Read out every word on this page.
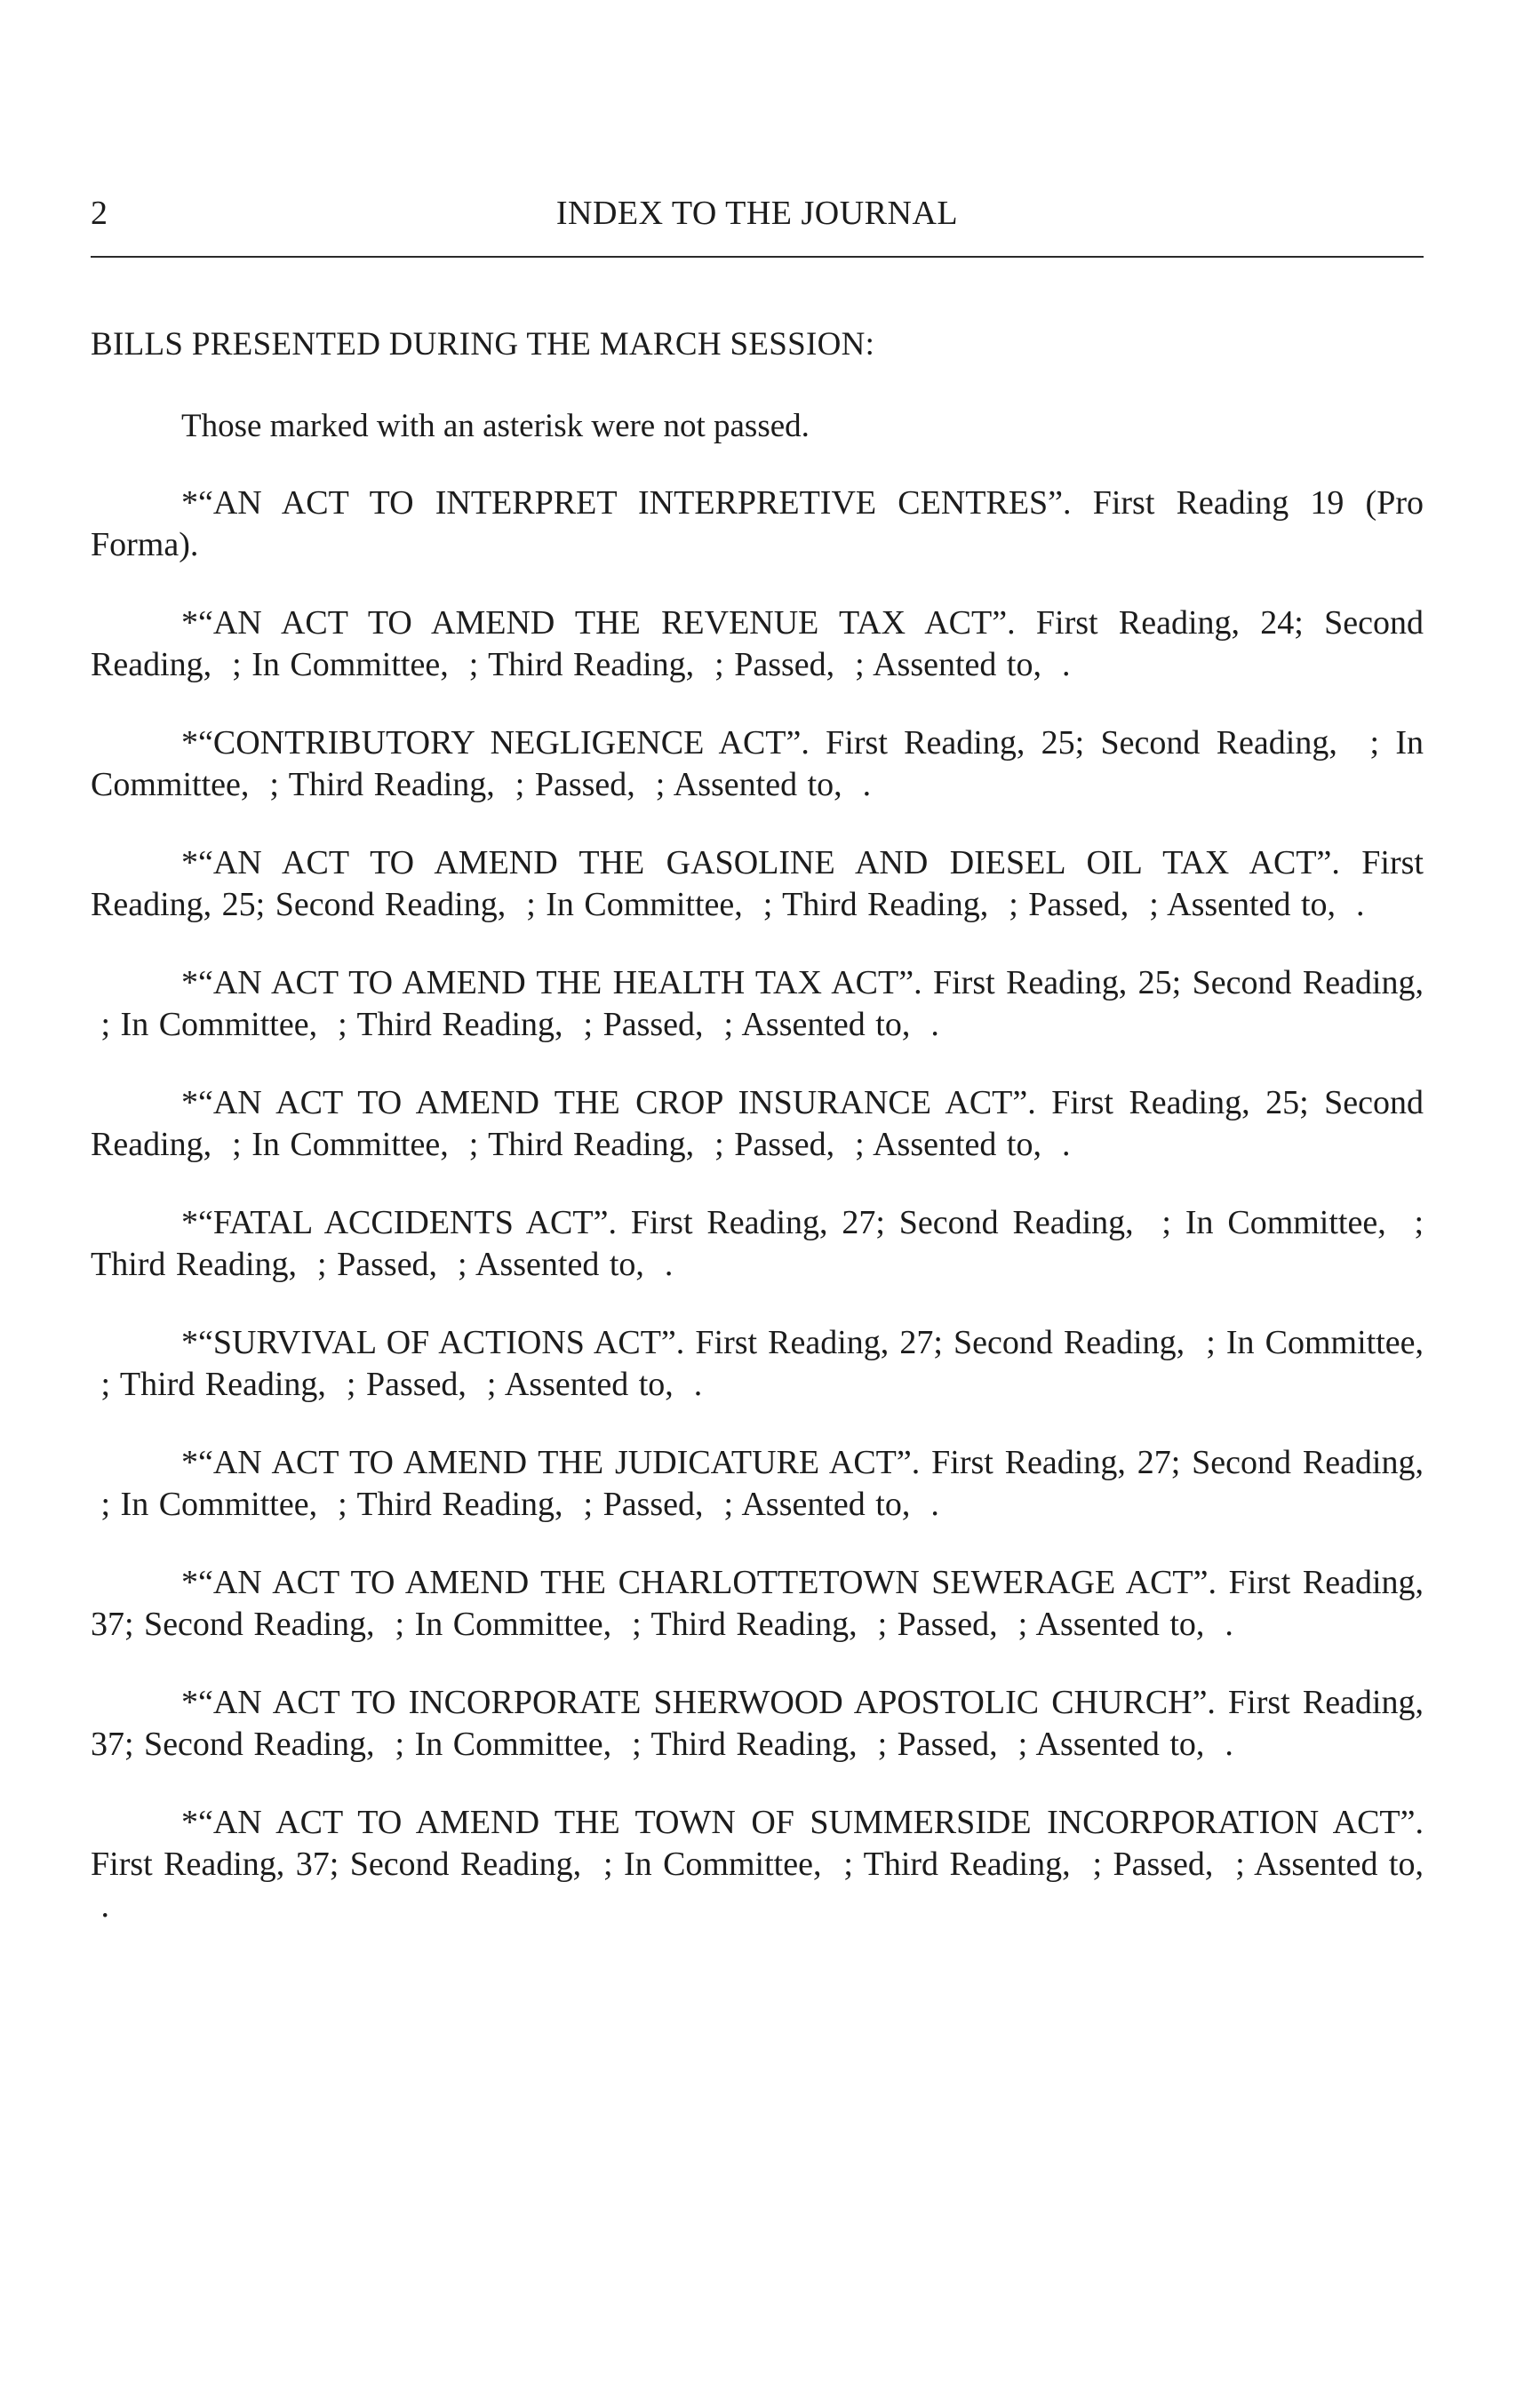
2	INDEX TO THE JOURNAL
BILLS PRESENTED DURING THE MARCH SESSION:
Those marked with an asterisk were not passed.

*“AN ACT TO INTERPRET INTERPRETIVE CENTRES”. First Reading 19 (Pro Forma).

*“AN ACT TO AMEND THE REVENUE TAX ACT”. First Reading, 24; Second Reading,  ; In Committee,  ; Third Reading,  ; Passed,  ; Assented to,  .

*“CONTRIBUTORY NEGLIGENCE ACT”. First Reading, 25; Second Reading,  ; In Committee,  ; Third Reading,  ; Passed,  ; Assented to,  .

*“AN ACT TO AMEND THE GASOLINE AND DIESEL OIL TAX ACT”. First Reading, 25; Second Reading,  ; In Committee,  ; Third Reading,  ; Passed,  ; Assented to,  .

*“AN ACT TO AMEND THE HEALTH TAX ACT”. First Reading, 25; Second Reading,  ; In Committee,  ; Third Reading,  ; Passed,  ; Assented to,  .

*“AN ACT TO AMEND THE CROP INSURANCE ACT”. First Reading, 25; Second Reading,  ; In Committee,  ; Third Reading,  ; Passed,  ; Assented to,  .

*“FATAL ACCIDENTS ACT”. First Reading, 27; Second Reading,  ; In Committee,  ; Third Reading,  ; Passed,  ; Assented to,  .

*“SURVIVAL OF ACTIONS ACT”. First Reading, 27; Second Reading,  ; In Committee,  ; Third Reading,  ; Passed,  ; Assented to,  .

*“AN ACT TO AMEND THE JUDICATURE ACT”. First Reading, 27; Second Reading,  ; In Committee,  ; Third Reading,  ; Passed,  ; Assented to,  .

*“AN ACT TO AMEND THE CHARLOTTETOWN SEWERAGE ACT”. First Reading, 37; Second Reading,  ; In Committee,  ; Third Reading,  ; Passed,  ; Assented to,  .

*“AN ACT TO INCORPORATE SHERWOOD APOSTOLIC CHURCH”. First Reading, 37; Second Reading,  ; In Committee,  ; Third Reading,  ; Passed,  ; Assented to,  .

*“AN ACT TO AMEND THE TOWN OF SUMMERSIDE INCORPORATION ACT”. First Reading, 37; Second Reading,  ; In Committee,  ; Third Reading,  ; Passed,  ; Assented to,  .
